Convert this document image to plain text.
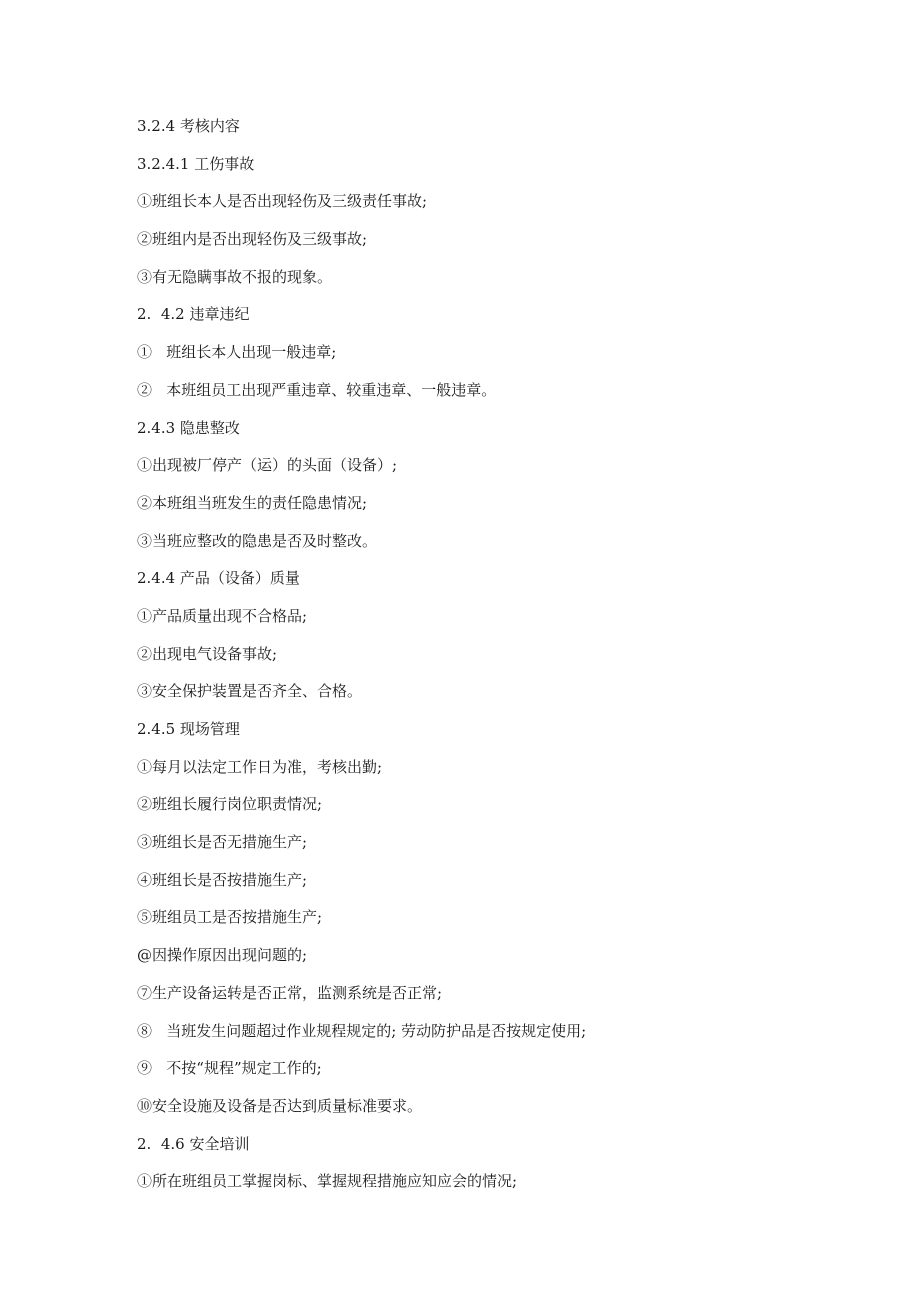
3.2.4 考核内容
3.2.4.1 工伤事故
①班组长本人是否出现轻伤及三级责任事故;
②班组内是否出现轻伤及三级事故;
③有无隐瞒事故不报的现象。
2.  4.2 违章违纪
①   班组长本人出现一般违章;
②   本班组员工出现严重违章、较重违章、一般违章。
2.4.3 隐患整改
①出现被厂停产（运）的头面（设备）;
②本班组当班发生的责任隐患情况;
③当班应整改的隐患是否及时整改。
2.4.4 产品（设备）质量
①产品质量出现不合格品;
②出现电气设备事故;
③安全保护装置是否齐全、合格。
2.4.5 现场管理
①每月以法定工作日为准，考核出勤;
②班组长履行岗位职责情况;
③班组长是否无措施生产;
④班组长是否按措施生产;
⑤班组员工是否按措施生产;
@因操作原因出现问题的;
⑦生产设备运转是否正常，监测系统是否正常;
⑧   当班发生问题超过作业规程规定的; 劳动防护品是否按规定使用;
⑨   不按“规程”规定工作的;
⑩安全设施及设备是否达到质量标准要求。
2.  4.6 安全培训
①所在班组员工掌握岗标、掌握规程措施应知应会的情况;
